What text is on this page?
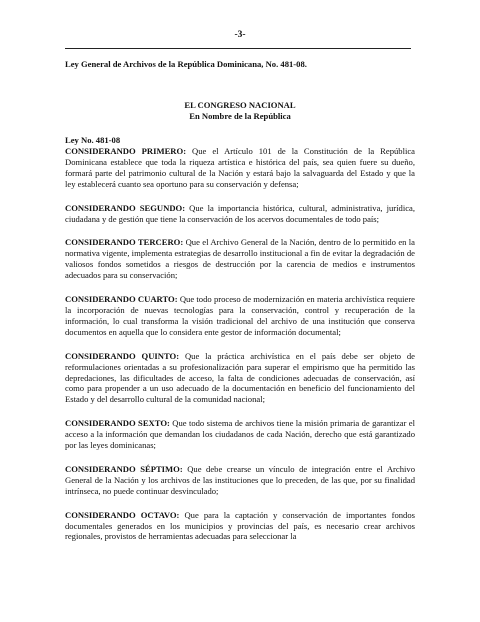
-3-

Ley General de Archivos de la República Dominicana, No. 481-08.

EL CONGRESO NACIONAL
En Nombre de la República
Ley No. 481-08

CONSIDERANDO PRIMERO: Que el Artículo 101 de la Constitución de la República Dominicana establece que toda la riqueza artística e histórica del país, sea quien fuere su dueño, formará parte del patrimonio cultural de la Nación y estará bajo la salvaguarda del Estado y que la ley establecerá cuanto sea oportuno para su conservación y defensa;

CONSIDERANDO SEGUNDO: Que la importancia histórica, cultural, administrativa, jurídica, ciudadana y de gestión que tiene la conservación de los acervos documentales de todo país;

CONSIDERANDO TERCERO: Que el Archivo General de la Nación, dentro de lo permitido en la normativa vigente, implementa estrategias de desarrollo institucional a fin de evitar la degradación de valiosos fondos sometidos a riesgos de destrucción por la carencia de medios e instrumentos adecuados para su conservación;

CONSIDERANDO CUARTO: Que todo proceso de modernización en materia archivística requiere la incorporación de nuevas tecnologías para la conservación, control y recuperación de la información, lo cual transforma la visión tradicional del archivo de una institución que conserva documentos en aquella que lo considera ente gestor de información documental;

CONSIDERANDO QUINTO: Que la práctica archivística en el país debe ser objeto de reformulaciones orientadas a su profesionalización para superar el empirismo que ha permitido las depredaciones, las dificultades de acceso, la falta de condiciones adecuadas de conservación, así como para propender a un uso adecuado de la documentación en beneficio del funcionamiento del Estado y del desarrollo cultural de la comunidad nacional;

CONSIDERANDO SEXTO: Que todo sistema de archivos tiene la misión primaria de garantizar el acceso a la información que demandan los ciudadanos de cada Nación, derecho que está garantizado por las leyes dominicanas;

CONSIDERANDO SÉPTIMO: Que debe crearse un vínculo de integración entre el Archivo General de la Nación y los archivos de las instituciones que lo preceden, de las que, por su finalidad intrínseca, no puede continuar desvinculado;

CONSIDERANDO OCTAVO: Que para la captación y conservación de importantes fondos documentales generados en los municipios y provincias del país, es necesario crear archivos regionales, provistos de herramientas adecuadas para seleccionar la
